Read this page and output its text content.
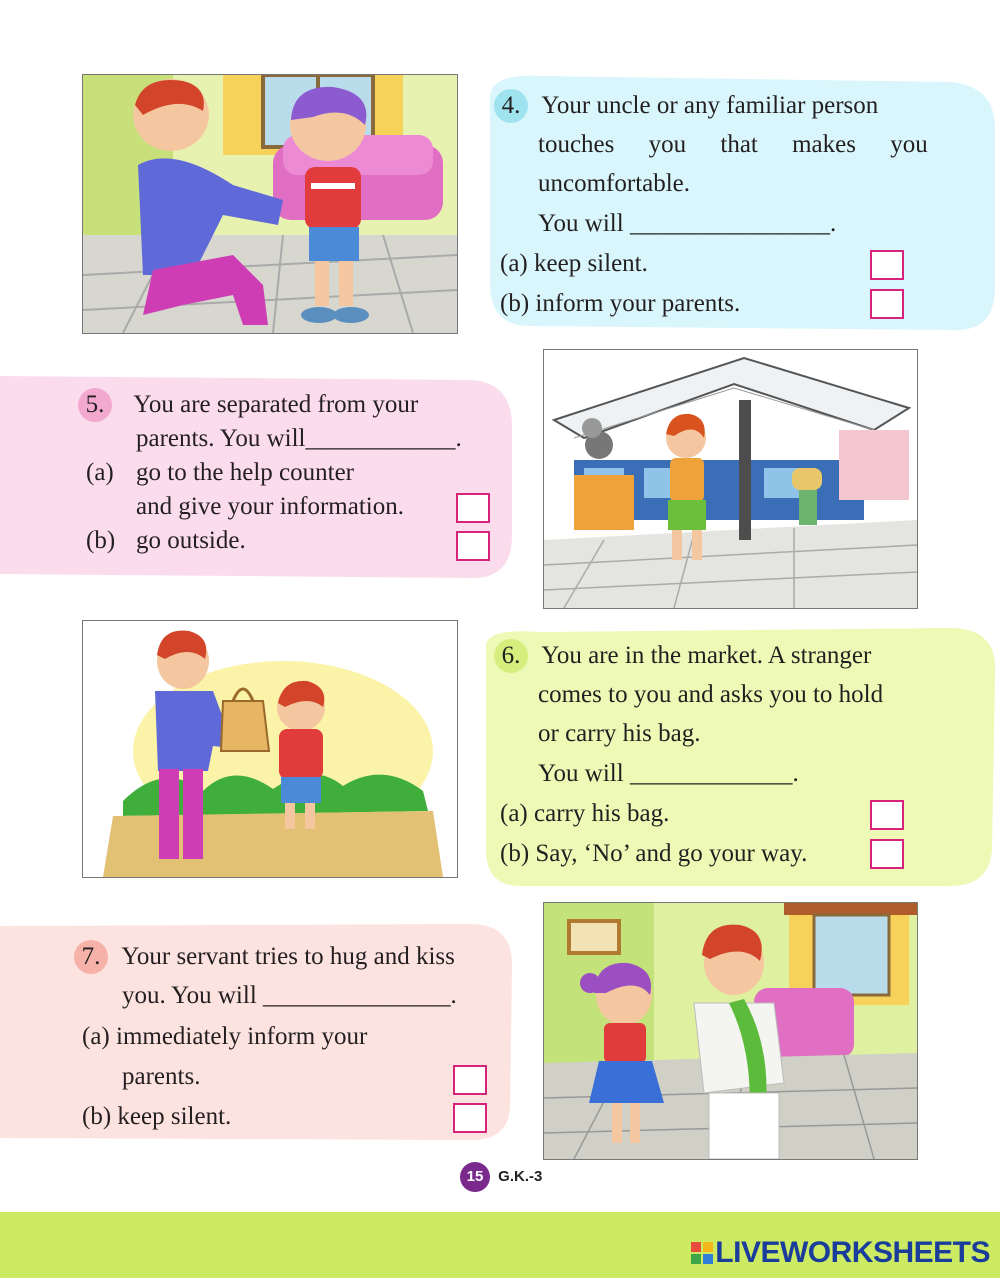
4. Your uncle or any familiar person
touches you that makes you
uncomfortable.
You will ________________.
(a) keep silent.
(b) inform your parents.
5. You are separated from your
parents. You will____________.
(a) go to the help counter
and give your information.
(b) go outside.
6. You are in the market. A stranger
comes to you and asks you to hold
or carry his bag.
You will _____________.
(a) carry his bag.
(b) Say, ‘No’ and go your way.
7. Your servant tries to hug and kiss
you. You will _______________.
(a) immediately inform your
parents.
(b) keep silent.
15 G.K.-3
LIVEWORKSHEETS
